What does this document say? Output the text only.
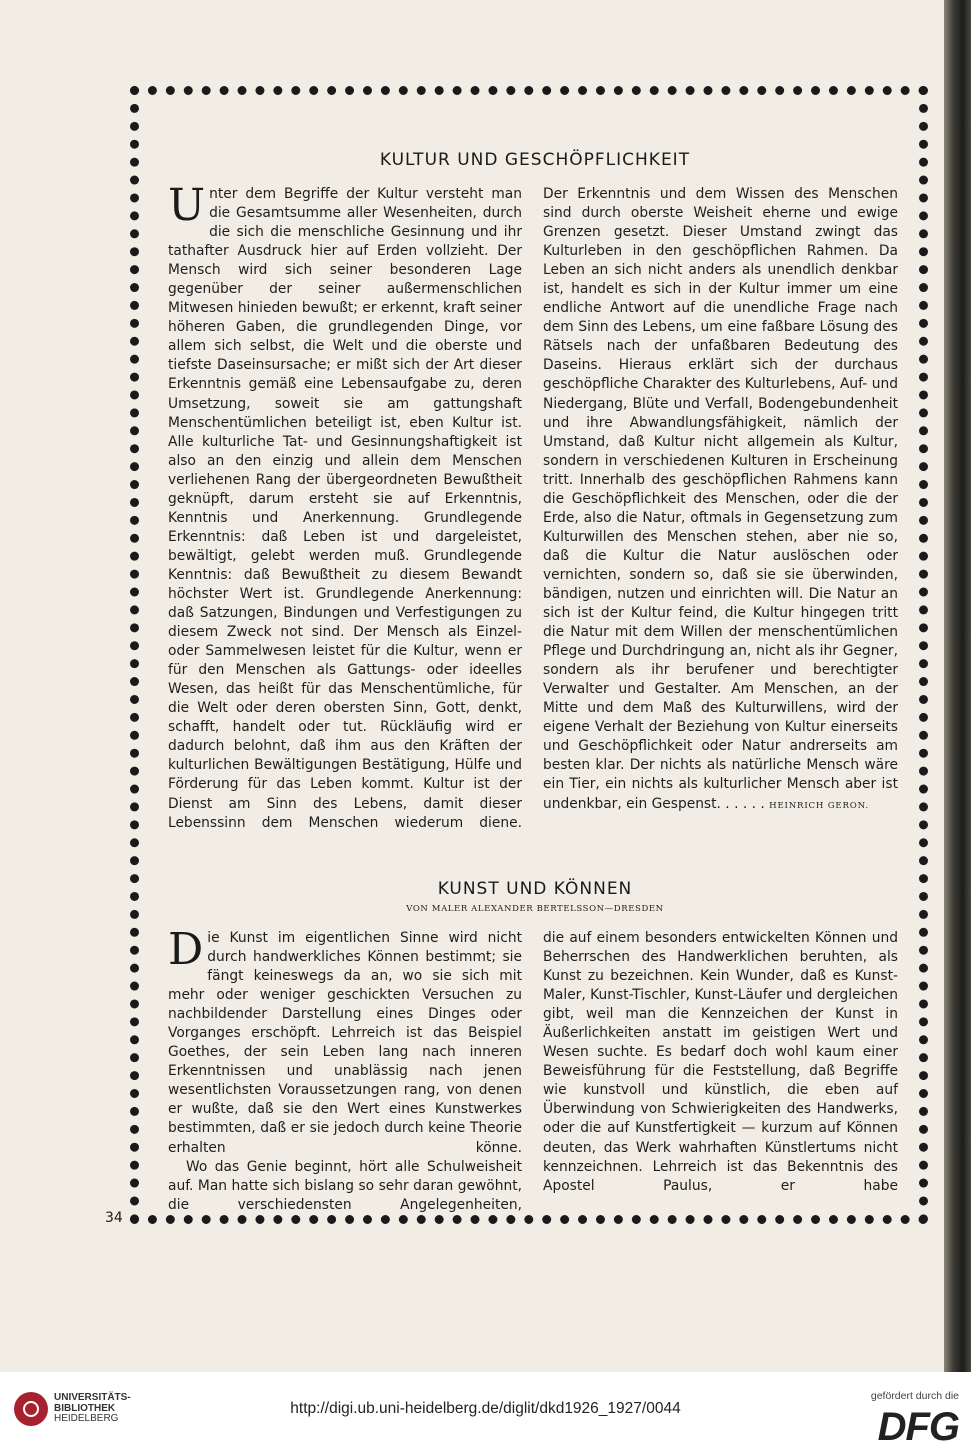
KULTUR UND GESCHÖPFLICHKEIT
Unter dem Begriffe der Kultur versteht man die Gesamtsumme aller Wesenheiten, durch die sich die menschliche Gesinnung und ihr tathafter Ausdruck hier auf Erden vollzieht. Der Mensch wird sich seiner besonderen Lage gegenüber der seiner außermenschlichen Mitwesen hinieden bewußt; er erkennt, kraft seiner höheren Gaben, die grundlegenden Dinge, vor allem sich selbst, die Welt und die oberste und tiefste Daseinsursache; er mißt sich der Art dieser Erkenntnis gemäß eine Lebensaufgabe zu, deren Umsetzung, soweit sie am gattungshaft Menschentümlichen beteiligt ist, eben Kultur ist. Alle kulturliche Tat- und Gesinnungshaftigkeit ist also an den einzig und allein dem Menschen verliehenen Rang der übergeordneten Bewußtheit geknüpft, darum ersteht sie auf Erkenntnis, Kenntnis und Anerkennung. Grundlegende Erkenntnis: daß Leben ist und dargeleistet, bewältigt, gelebt werden muß. Grundlegende Kenntnis: daß Bewußtheit zu diesem Bewandt höchster Wert ist. Grundlegende Anerkennung: daß Satzungen, Bindungen und Verfestigungen zu diesem Zweck not sind. Der Mensch als Einzel- oder Sammelwesen leistet für die Kultur, wenn er für den Menschen als Gattungs- oder ideelles Wesen, das heißt für das Menschentümliche, für die Welt oder deren obersten Sinn, Gott, denkt, schafft, handelt oder tut. Rückläufig wird er dadurch belohnt, daß ihm aus den Kräften der kulturlichen Bewältigungen Bestätigung, Hülfe und Förderung für das Leben kommt. Kultur ist der Dienst am Sinn des Lebens, damit dieser Lebenssinn dem Menschen wiederum diene.
Der Erkenntnis und dem Wissen des Menschen sind durch oberste Weisheit eherne und ewige Grenzen gesetzt. Dieser Umstand zwingt das Kulturleben in den geschöpflichen Rahmen. Da Leben an sich nicht anders als unendlich denkbar ist, handelt es sich in der Kultur immer um eine endliche Antwort auf die unendliche Frage nach dem Sinn des Lebens, um eine faßbare Lösung des Rätsels nach der unfaßbaren Bedeutung des Daseins. Hieraus erklärt sich der durchaus geschöpfliche Charakter des Kulturlebens, Auf- und Niedergang, Blüte und Verfall, Bodengebundenheit und ihre Abwandlungsfähigkeit, nämlich der Umstand, daß Kultur nicht allgemein als Kultur, sondern in verschiedenen Kulturen in Erscheinung tritt. Innerhalb des geschöpflichen Rahmens kann die Geschöpflichkeit des Menschen, oder die der Erde, also die Natur, oftmals in Gegensetzung zum Kulturwillen des Menschen stehen, aber nie so, daß die Kultur die Natur auslöschen oder vernichten, sondern so, daß sie sie überwinden, bändigen, nutzen und einrichten will. Die Natur an sich ist der Kultur feind, die Kultur hingegen tritt die Natur mit dem Willen der menschentümlichen Pflege und Durchdringung an, nicht als ihr Gegner, sondern als ihr berufener und berechtigter Verwalter und Gestalter. Am Menschen, an der Mitte und dem Maß des Kulturwillens, wird der eigene Verhalt der Beziehung von Kultur einerseits und Geschöpflichkeit oder Natur andrerseits am besten klar. Der nichts als natürliche Mensch wäre ein Tier, ein nichts als kulturlicher Mensch aber ist undenkbar, ein Gespenst. . . . . . HEINRICH GERON.
KUNST UND KÖNNEN
VON MALER ALEXANDER BERTELSSON—DRESDEN
Die Kunst im eigentlichen Sinne wird nicht durch handwerkliches Können bestimmt; sie fängt keineswegs da an, wo sie sich mit mehr oder weniger geschickten Versuchen zu nachbildender Darstellung eines Dinges oder Vorganges erschöpft. Lehrreich ist das Beispiel Goethes, der sein Leben lang nach inneren Erkenntnissen und unablässig nach jenen wesentlichsten Voraussetzungen rang, von denen er wußte, daß sie den Wert eines Kunstwerkes bestimmten, daß er sie jedoch durch keine Theorie erhalten könne.
Wo das Genie beginnt, hört alle Schulweisheit auf. Man hatte sich bislang so sehr daran gewöhnt, die verschiedensten Angelegenheiten,
die auf einem besonders entwickelten Können und Beherrschen des Handwerklichen beruhten, als Kunst zu bezeichnen. Kein Wunder, daß es Kunst-Maler, Kunst-Tischler, Kunst-Läufer und dergleichen gibt, weil man die Kennzeichen der Kunst in Äußerlichkeiten anstatt im geistigen Wert und Wesen suchte. Es bedarf doch wohl kaum einer Beweisführung für die Feststellung, daß Begriffe wie kunstvoll und künstlich, die eben auf Überwindung von Schwierigkeiten des Handwerks, oder die auf Kunstfertigkeit — kurzum auf Können deuten, das Werk wahrhaften Künstlertums nicht kennzeichnen. Lehrreich ist das Bekenntnis des Apostel Paulus, er habe
34
UNIVERSITÄTS-
BIBLIOTHEK
HEIDELBERG
http://digi.ub.uni-heidelberg.de/diglit/dkd1926_1927/0044
gefördert durch die
DFG
